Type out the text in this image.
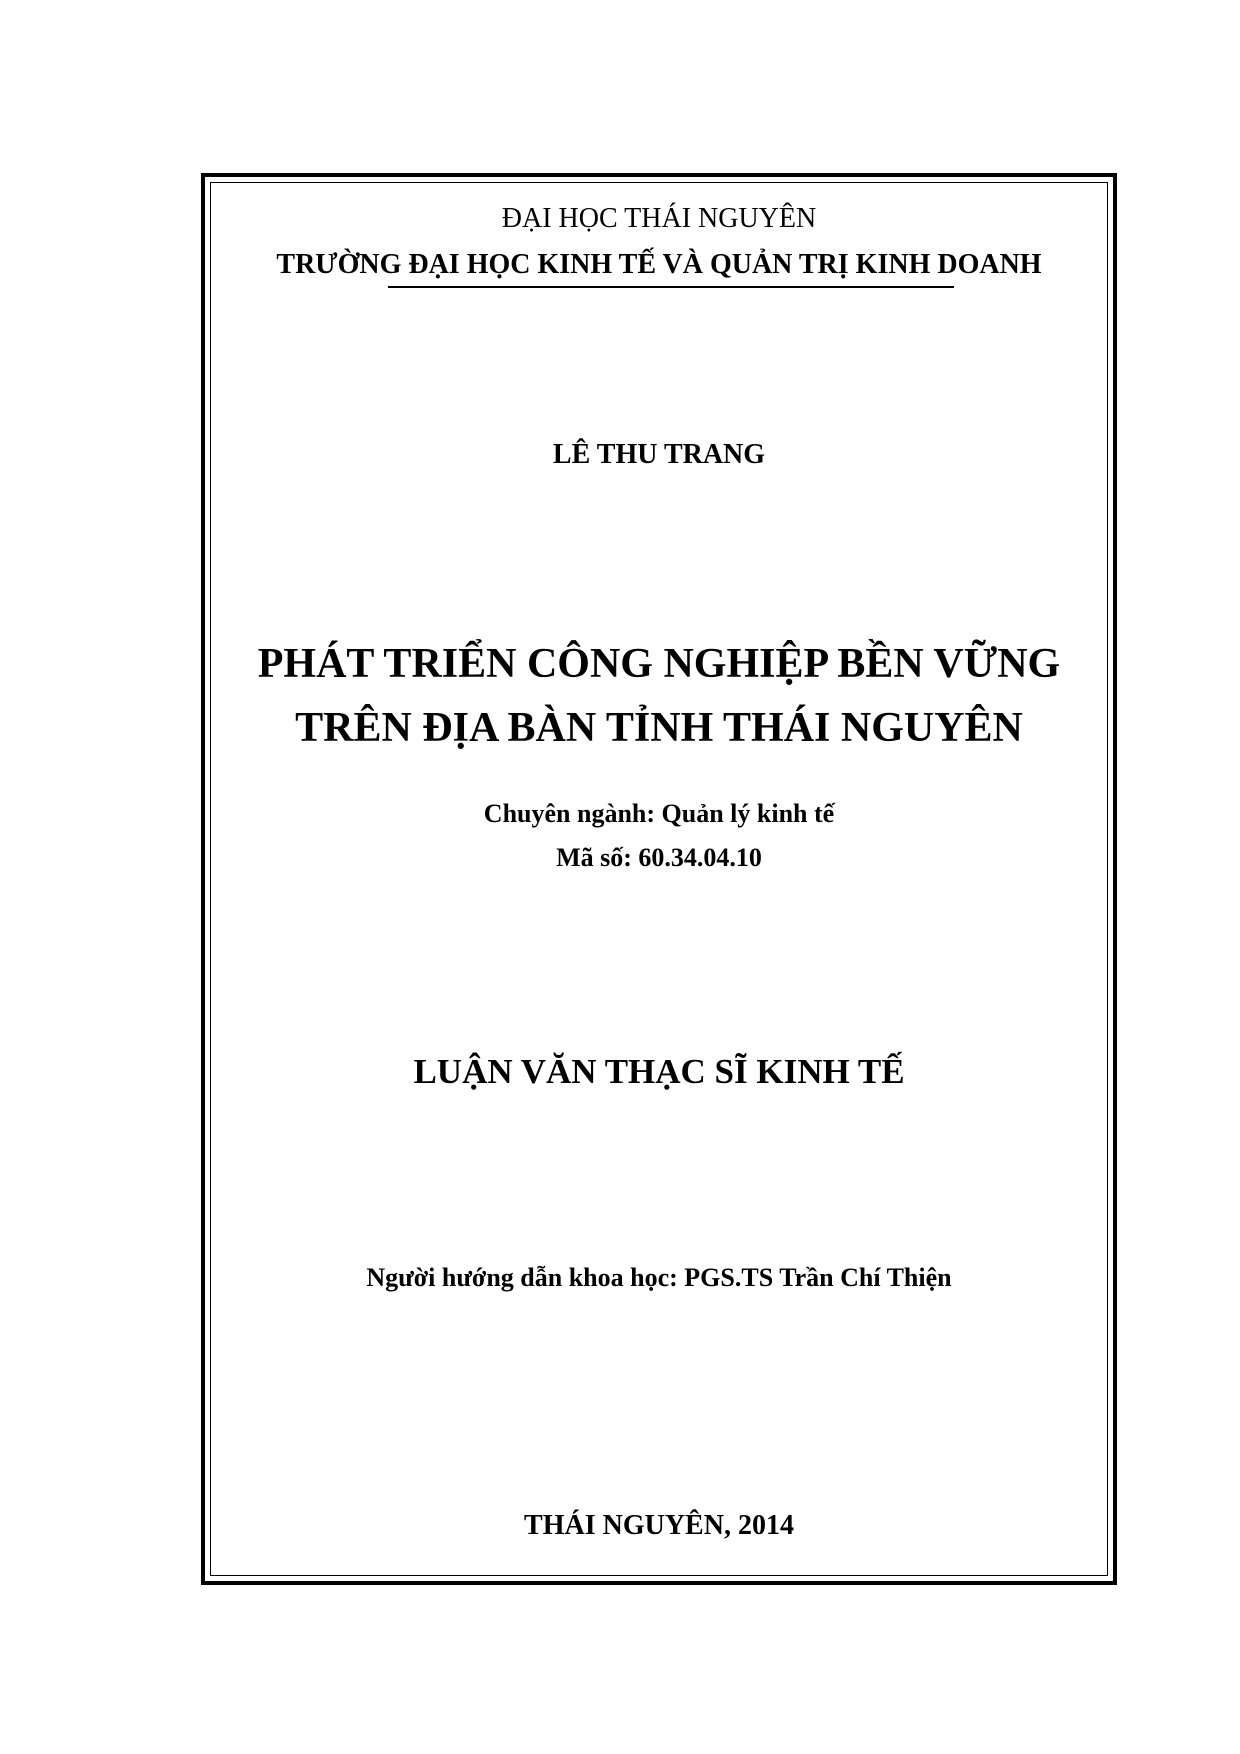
ĐẠI HỌC THÁI NGUYÊN
TRƯỜNG ĐẠI HỌC KINH TẾ VÀ QUẢN TRỊ KINH DOANH
LÊ THU TRANG
PHÁT TRIỂN CÔNG NGHIỆP BỀN VỮNG
TRÊN ĐỊA BÀN TỈNH THÁI NGUYÊN
Chuyên ngành: Quản lý kinh tế
Mã số: 60.34.04.10
LUẬN VĂN THẠC SĨ KINH TẾ
Người hướng dẫn khoa học: PGS.TS Trần Chí Thiện
THÁI NGUYÊN, 2014
